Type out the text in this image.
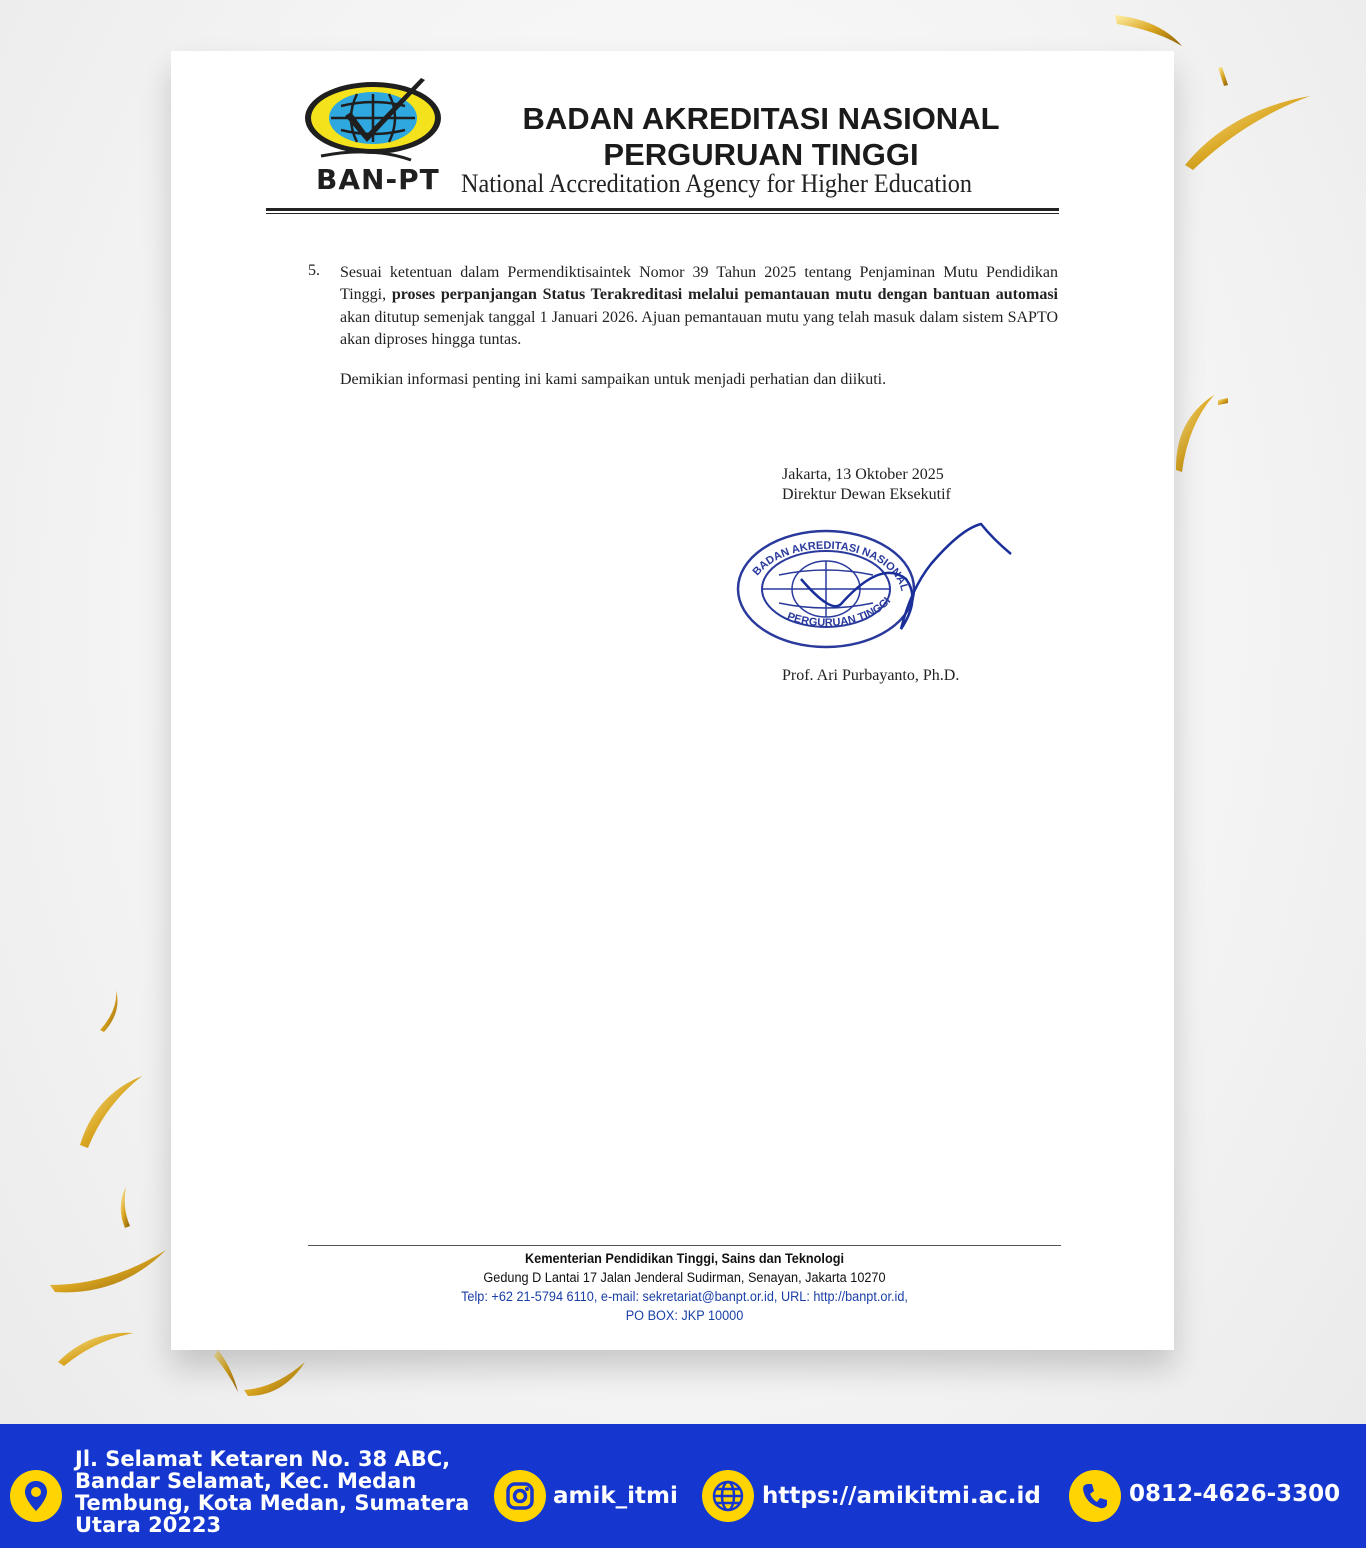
BAN-PT
BADAN AKREDITASI NASIONAL
PERGURUAN TINGGI
National Accreditation Agency for Higher Education
5. Sesuai ketentuan dalam Permendiktisaintek Nomor 39 Tahun 2025 tentang Penjaminan Mutu Pendidikan Tinggi, proses perpanjangan Status Terakreditasi melalui pemantauan mutu dengan bantuan automasi akan ditutup semenjak tanggal 1 Januari 2026. Ajuan pemantauan mutu yang telah masuk dalam sistem SAPTO akan diproses hingga tuntas.
Demikian informasi penting ini kami sampaikan untuk menjadi perhatian dan diikuti.
Jakarta, 13 Oktober 2025
Direktur Dewan Eksekutif
BADAN AKREDITASI NASIONAL
PERGURUAN TINGGI
Prof. Ari Purbayanto, Ph.D.
Kementerian Pendidikan Tinggi, Sains dan Teknologi
Gedung D Lantai 17 Jalan Jenderal Sudirman, Senayan, Jakarta 10270
Telp: +62 21-5794 6110, e-mail: sekretariat@banpt.or.id, URL: http://banpt.or.id,
PO BOX: JKP 10000
Jl. Selamat Ketaren No. 38 ABC, Bandar Selamat, Kec. Medan Tembung, Kota Medan, Sumatera Utara 20223
amik_itmi	https://amikitmi.ac.id	0812-4626-3300
